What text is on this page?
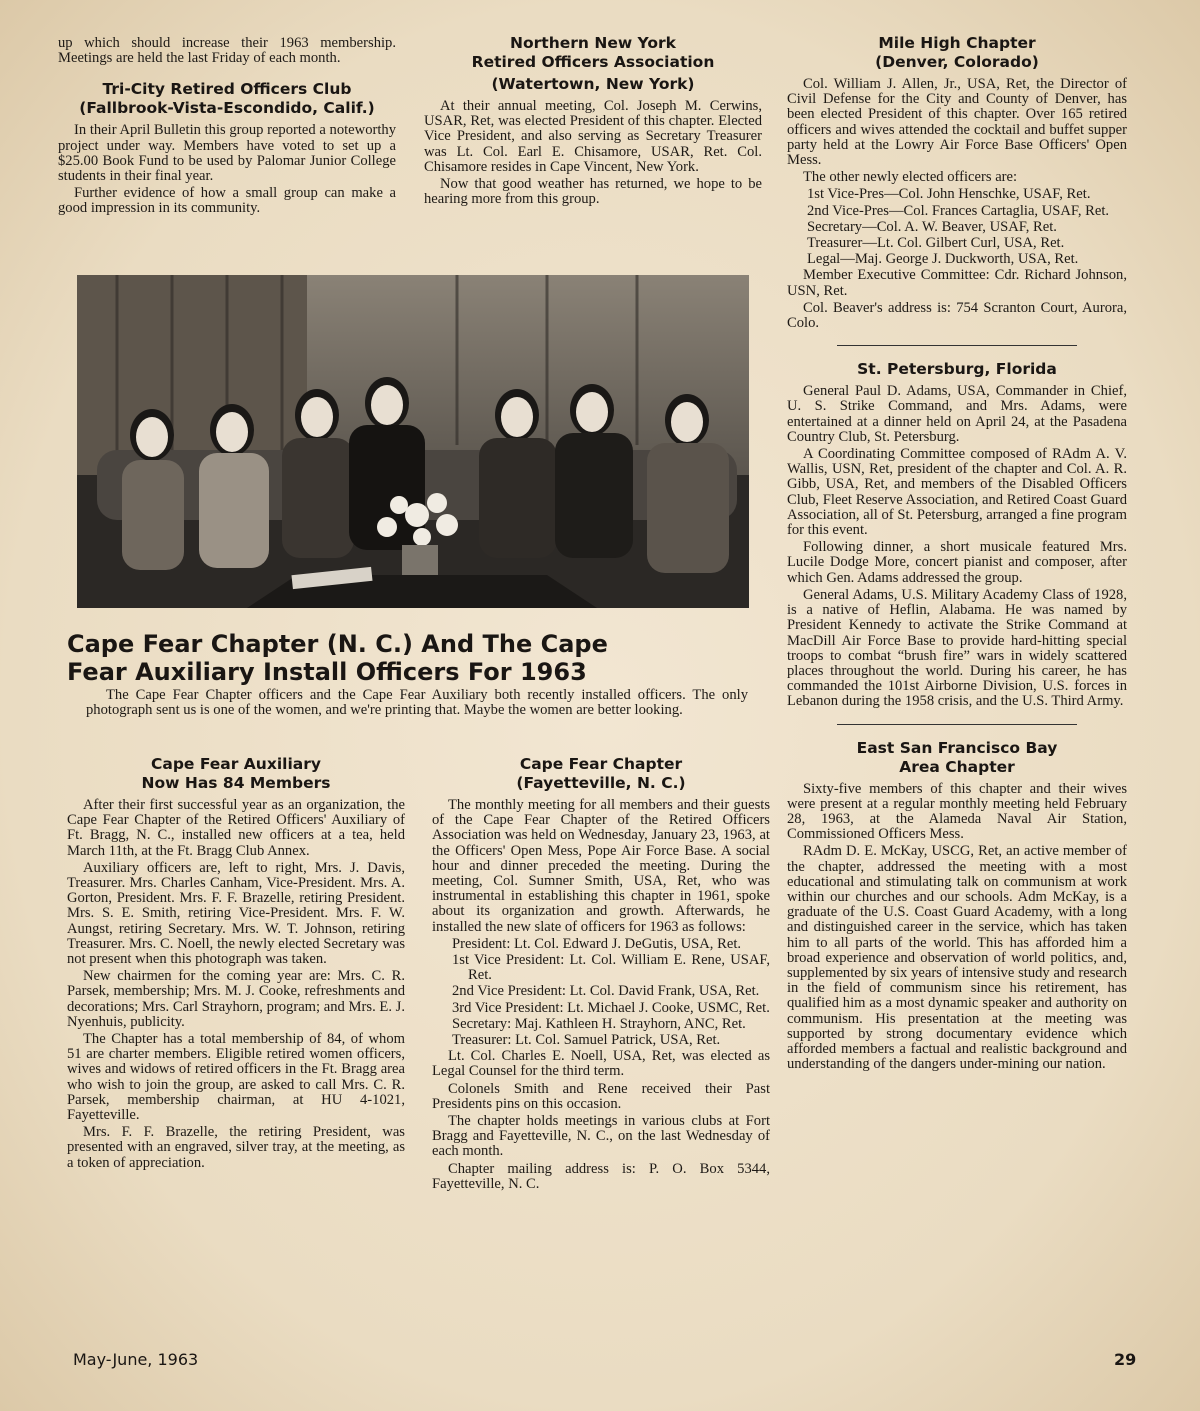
up which should increase their 1963 membership. Meetings are held the last Friday of each month.

Tri-City Retired Officers Club
(Fallbrook-Vista-Escondido, Calif.)

In their April Bulletin this group reported a noteworthy project under way. Members have voted to set up a $25.00 Book Fund to be used by Palomar Junior College students in their final year.

Further evidence of how a small group can make a good impression in its community.

Northern New York
Retired Officers Association
(Watertown, New York)

At their annual meeting, Col. Joseph M. Cerwins, USAR, Ret, was elected President of this chapter. Elected Vice President, and also serving as Secretary Treasurer was Lt. Col. Earl E. Chisamore, USAR, Ret. Col. Chisamore resides in Cape Vincent, New York.

Now that good weather has returned, we hope to be hearing more from this group.

Cape Fear Chapter (N. C.) And The Cape
Fear Auxiliary Install Officers For 1963

The Cape Fear Chapter officers and the Cape Fear Auxiliary both recently installed officers. The only photograph sent us is one of the women, and we're printing that. Maybe the women are better looking.

Cape Fear Auxiliary
Now Has 84 Members

After their first successful year as an organization, the Cape Fear Chapter of the Retired Officers' Auxiliary of Ft. Bragg, N. C., installed new officers at a tea, held March 11th, at the Ft. Bragg Club Annex.

Auxiliary officers are, left to right, Mrs. J. Davis, Treasurer. Mrs. Charles Canham, Vice-President. Mrs. A. Gorton, President. Mrs. F. F. Brazelle, retiring President. Mrs. S. E. Smith, retiring Vice-President. Mrs. F. W. Aungst, retiring Secretary. Mrs. W. T. Johnson, retiring Treasurer. Mrs. C. Noell, the newly elected Secretary was not present when this photograph was taken.

New chairmen for the coming year are: Mrs. C. R. Parsek, membership; Mrs. M. J. Cooke, refreshments and decorations; Mrs. Carl Strayhorn, program; and Mrs. E. J. Nyenhuis, publicity.

The Chapter has a total membership of 84, of whom 51 are charter members. Eligible retired women officers, wives and widows of retired officers in the Ft. Bragg area who wish to join the group, are asked to call Mrs. C. R. Parsek, membership chairman, at HU 4-1021, Fayetteville.

Mrs. F. F. Brazelle, the retiring President, was presented with an engraved, silver tray, at the meeting, as a token of appreciation.

Cape Fear Chapter
(Fayetteville, N. C.)

The monthly meeting for all members and their guests of the Cape Fear Chapter of the Retired Officers Association was held on Wednesday, January 23, 1963, at the Officers' Open Mess, Pope Air Force Base. A social hour and dinner preceded the meeting. During the meeting, Col. Sumner Smith, USA, Ret, who was instrumental in establishing this chapter in 1961, spoke about its organization and growth. Afterwards, he installed the new slate of officers for 1963 as follows:

President: Lt. Col. Edward J. DeGutis, USA, Ret.

1st Vice President: Lt. Col. William E. Rene, USAF, Ret.

2nd Vice President: Lt. Col. David Frank, USA, Ret.

3rd Vice President: Lt. Michael J. Cooke, USMC, Ret.

Secretary: Maj. Kathleen H. Strayhorn, ANC, Ret.

Treasurer: Lt. Col. Samuel Patrick, USA, Ret.

Lt. Col. Charles E. Noell, USA, Ret, was elected as Legal Counsel for the third term.

Colonels Smith and Rene received their Past Presidents pins on this occasion.

The chapter holds meetings in various clubs at Fort Bragg and Fayetteville, N. C., on the last Wednesday of each month.

Chapter mailing address is: P. O. Box 5344, Fayetteville, N. C.

Mile High Chapter
(Denver, Colorado)

Col. William J. Allen, Jr., USA, Ret, the Director of Civil Defense for the City and County of Denver, has been elected President of this chapter. Over 165 retired officers and wives attended the cocktail and buffet supper party held at the Lowry Air Force Base Officers' Open Mess.

The other newly elected officers are:

1st Vice-Pres—Col. John Henschke, USAF, Ret.

2nd Vice-Pres—Col. Frances Cartaglia, USAF, Ret.

Secretary—Col. A. W. Beaver, USAF, Ret.

Treasurer—Lt. Col. Gilbert Curl, USA, Ret.

Legal—Maj. George J. Duckworth, USA, Ret.

Member Executive Committee: Cdr. Richard Johnson, USN, Ret.

Col. Beaver's address is: 754 Scranton Court, Aurora, Colo.

St. Petersburg, Florida

General Paul D. Adams, USA, Commander in Chief, U. S. Strike Command, and Mrs. Adams, were entertained at a dinner held on April 24, at the Pasadena Country Club, St. Petersburg.

A Coordinating Committee composed of RAdm A. V. Wallis, USN, Ret, president of the chapter and Col. A. R. Gibb, USA, Ret, and members of the Disabled Officers Club, Fleet Reserve Association, and Retired Coast Guard Association, all of St. Petersburg, arranged a fine program for this event.

Following dinner, a short musicale featured Mrs. Lucile Dodge More, concert pianist and composer, after which Gen. Adams addressed the group.

General Adams, U.S. Military Academy Class of 1928, is a native of Heflin, Alabama. He was named by President Kennedy to activate the Strike Command at MacDill Air Force Base to provide hard-hitting special troops to combat “brush fire” wars in widely scattered places throughout the world. During his career, he has commanded the 101st Airborne Division, U.S. forces in Lebanon during the 1958 crisis, and the U.S. Third Army.

East San Francisco Bay
Area Chapter

Sixty-five members of this chapter and their wives were present at a regular monthly meeting held February 28, 1963, at the Alameda Naval Air Station, Commissioned Officers Mess.

RAdm D. E. McKay, USCG, Ret, an active member of the chapter, addressed the meeting with a most educational and stimulating talk on communism at work within our churches and our schools. Adm McKay, is a graduate of the U.S. Coast Guard Academy, with a long and distinguished career in the service, which has taken him to all parts of the world. This has afforded him a broad experience and observation of world politics, and, supplemented by six years of intensive study and research in the field of communism since his retirement, has qualified him as a most dynamic speaker and authority on communism. His presentation at the meeting was supported by strong documentary evidence which afforded members a factual and realistic background and understanding of the dangers under-mining our nation.

May-June, 1963	29
